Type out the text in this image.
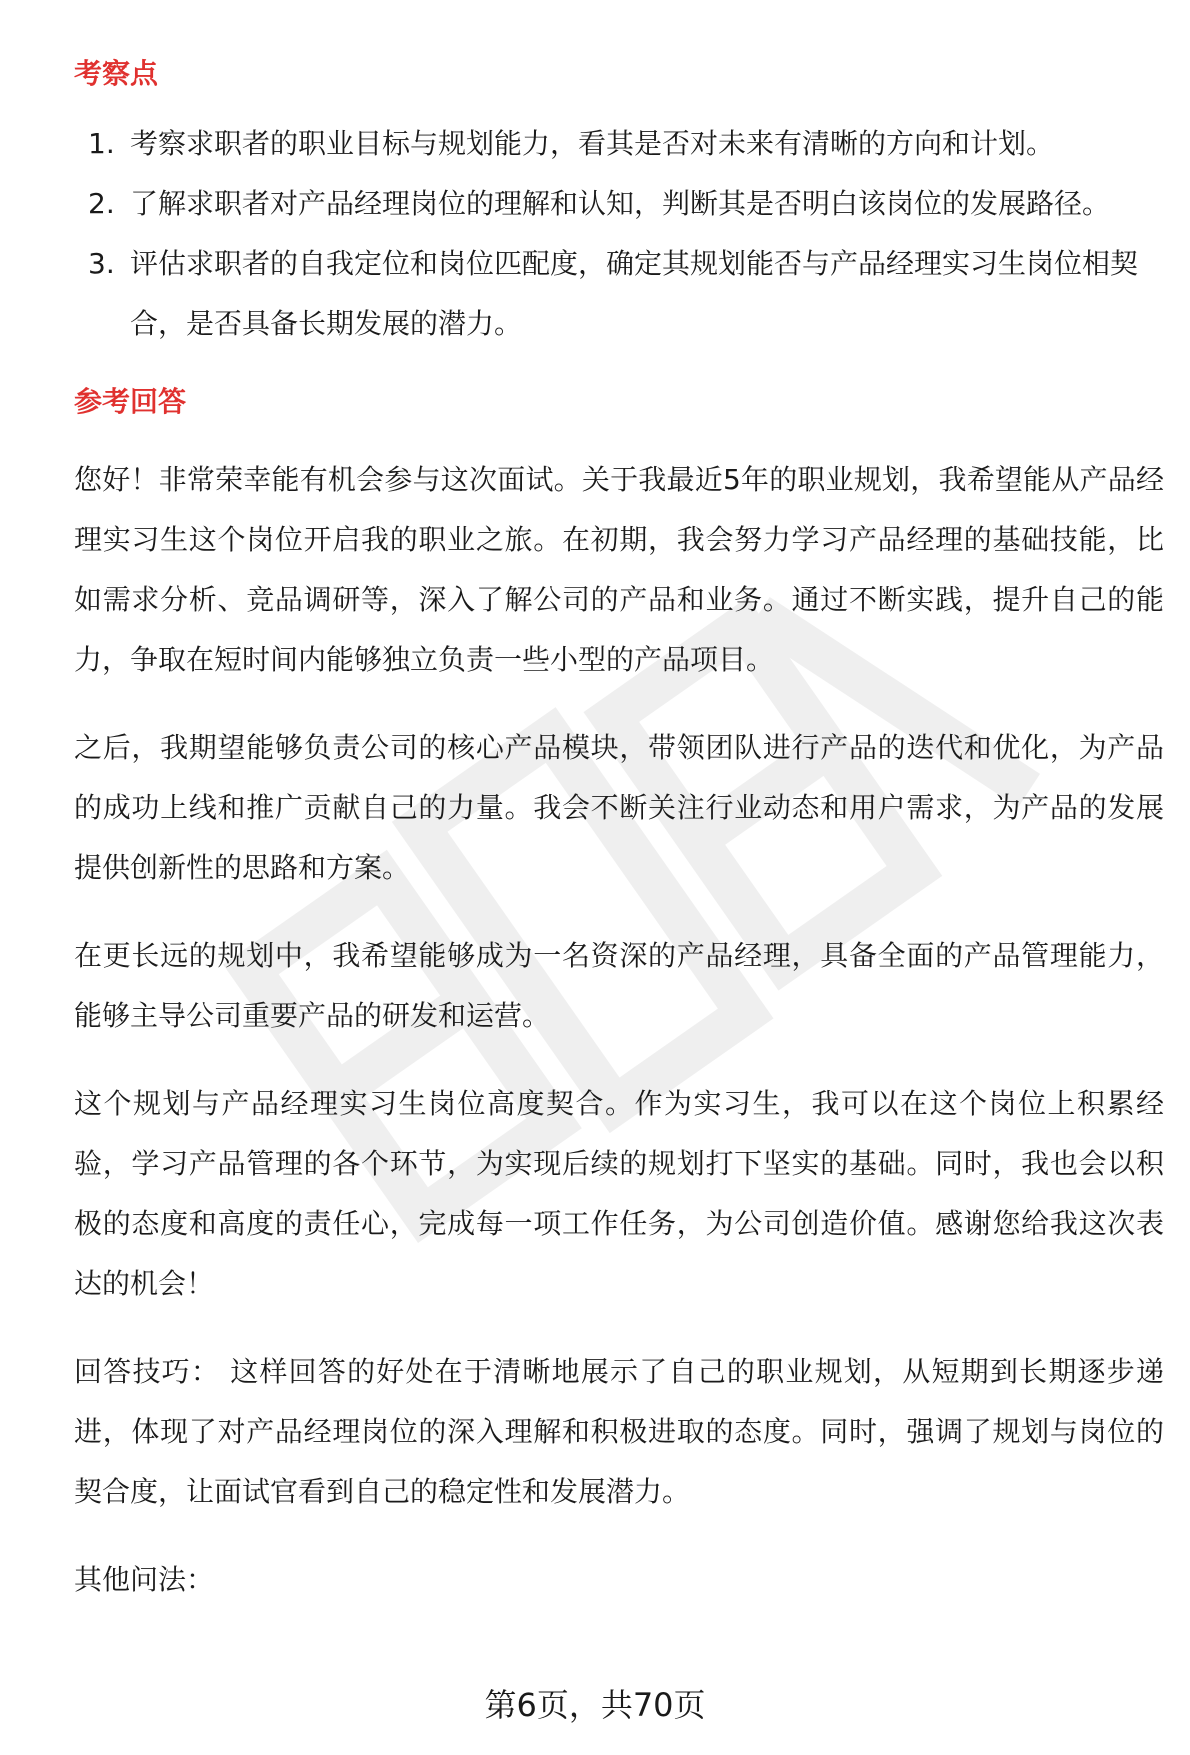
考察点
1. 考察求职者的职业目标与规划能力，看其是否对未来有清晰的方向和计划。
2. 了解求职者对产品经理岗位的理解和认知，判断其是否明白该岗位的发展路径。
3. 评估求职者的自我定位和岗位匹配度，确定其规划能否与产品经理实习生岗位相契合，是否具备长期发展的潜力。
参考回答

您好！非常荣幸能有机会参与这次面试。关于我最近5年的职业规划，我希望能从产品经理实习生这个岗位开启我的职业之旅。在初期，我会努力学习产品经理的基础技能，比如需求分析、竞品调研等，深入了解公司的产品和业务。通过不断实践，提升自己的能力，争取在短时间内能够独立负责一些小型的产品项目。

之后，我期望能够负责公司的核心产品模块，带领团队进行产品的迭代和优化，为产品的成功上线和推广贡献自己的力量。我会不断关注行业动态和用户需求，为产品的发展提供创新性的思路和方案。

在更长远的规划中，我希望能够成为一名资深的产品经理，具备全面的产品管理能力，能够主导公司重要产品的研发和运营。

这个规划与产品经理实习生岗位高度契合。作为实习生，我可以在这个岗位上积累经验，学习产品管理的各个环节，为实现后续的规划打下坚实的基础。同时，我也会以积极的态度和高度的责任心，完成每一项工作任务，为公司创造价值。感谢您给我这次表达的机会！

回答技巧： 这样回答的好处在于清晰地展示了自己的职业规划，从短期到长期逐步递进，体现了对产品经理岗位的深入理解和积极进取的态度。同时，强调了规划与岗位的契合度，让面试官看到自己的稳定性和发展潜力。

其他问法：

第6页，共70页
